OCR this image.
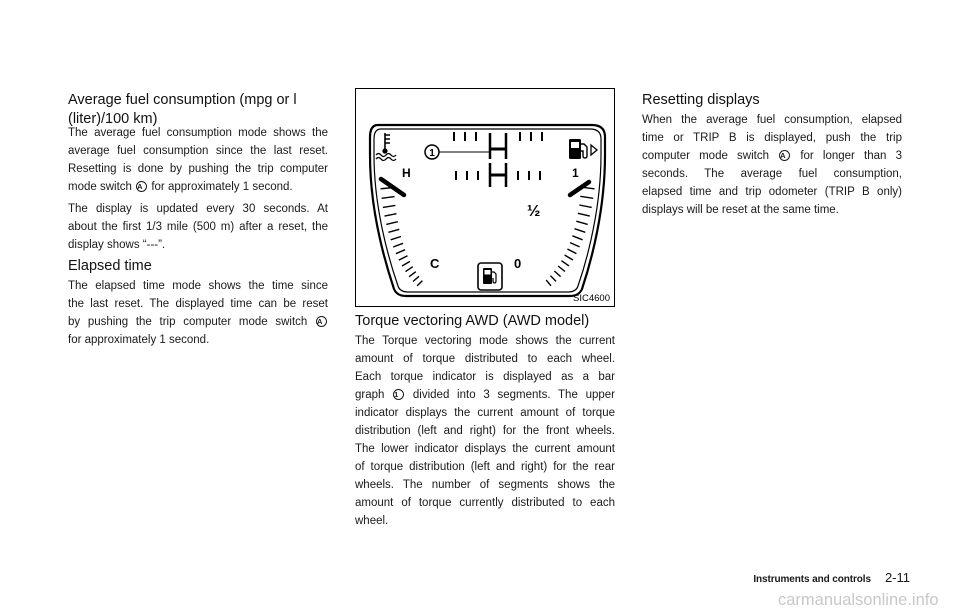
Average fuel consumption (mpg or l
(liter)/100 km)
The average fuel consumption mode shows the
average fuel consumption since the last reset.
Resetting is done by pushing the trip computer
mode switch A for approximately 1 second.
The display is updated every 30 seconds. At
about the first 1/3 mile (500 m) after a reset, the
display shows “---”.
Elapsed time
The elapsed time mode shows the time since
the last reset. The displayed time can be reset
by pushing the trip computer mode switch A
for approximately 1 second.
1
H
C
1
½
0
SIC4600
Torque vectoring AWD (AWD model)
The Torque vectoring mode shows the current
amount of torque distributed to each wheel.
Each torque indicator is displayed as a bar
graph 1 divided into 3 segments. The upper
indicator displays the current amount of torque
distribution (left and right) for the front wheels.
The lower indicator displays the current amount
of torque distribution (left and right) for the rear
wheels. The number of segments shows the
amount of torque currently distributed to each
wheel.
Resetting displays
When the average fuel consumption, elapsed
time or TRIP B is displayed, push the trip
computer mode switch A for longer than 3
seconds. The average fuel consumption,
elapsed time and trip odometer (TRIP B only)
displays will be reset at the same time.
Instruments and controls 2-11
carmanualsonline.info
